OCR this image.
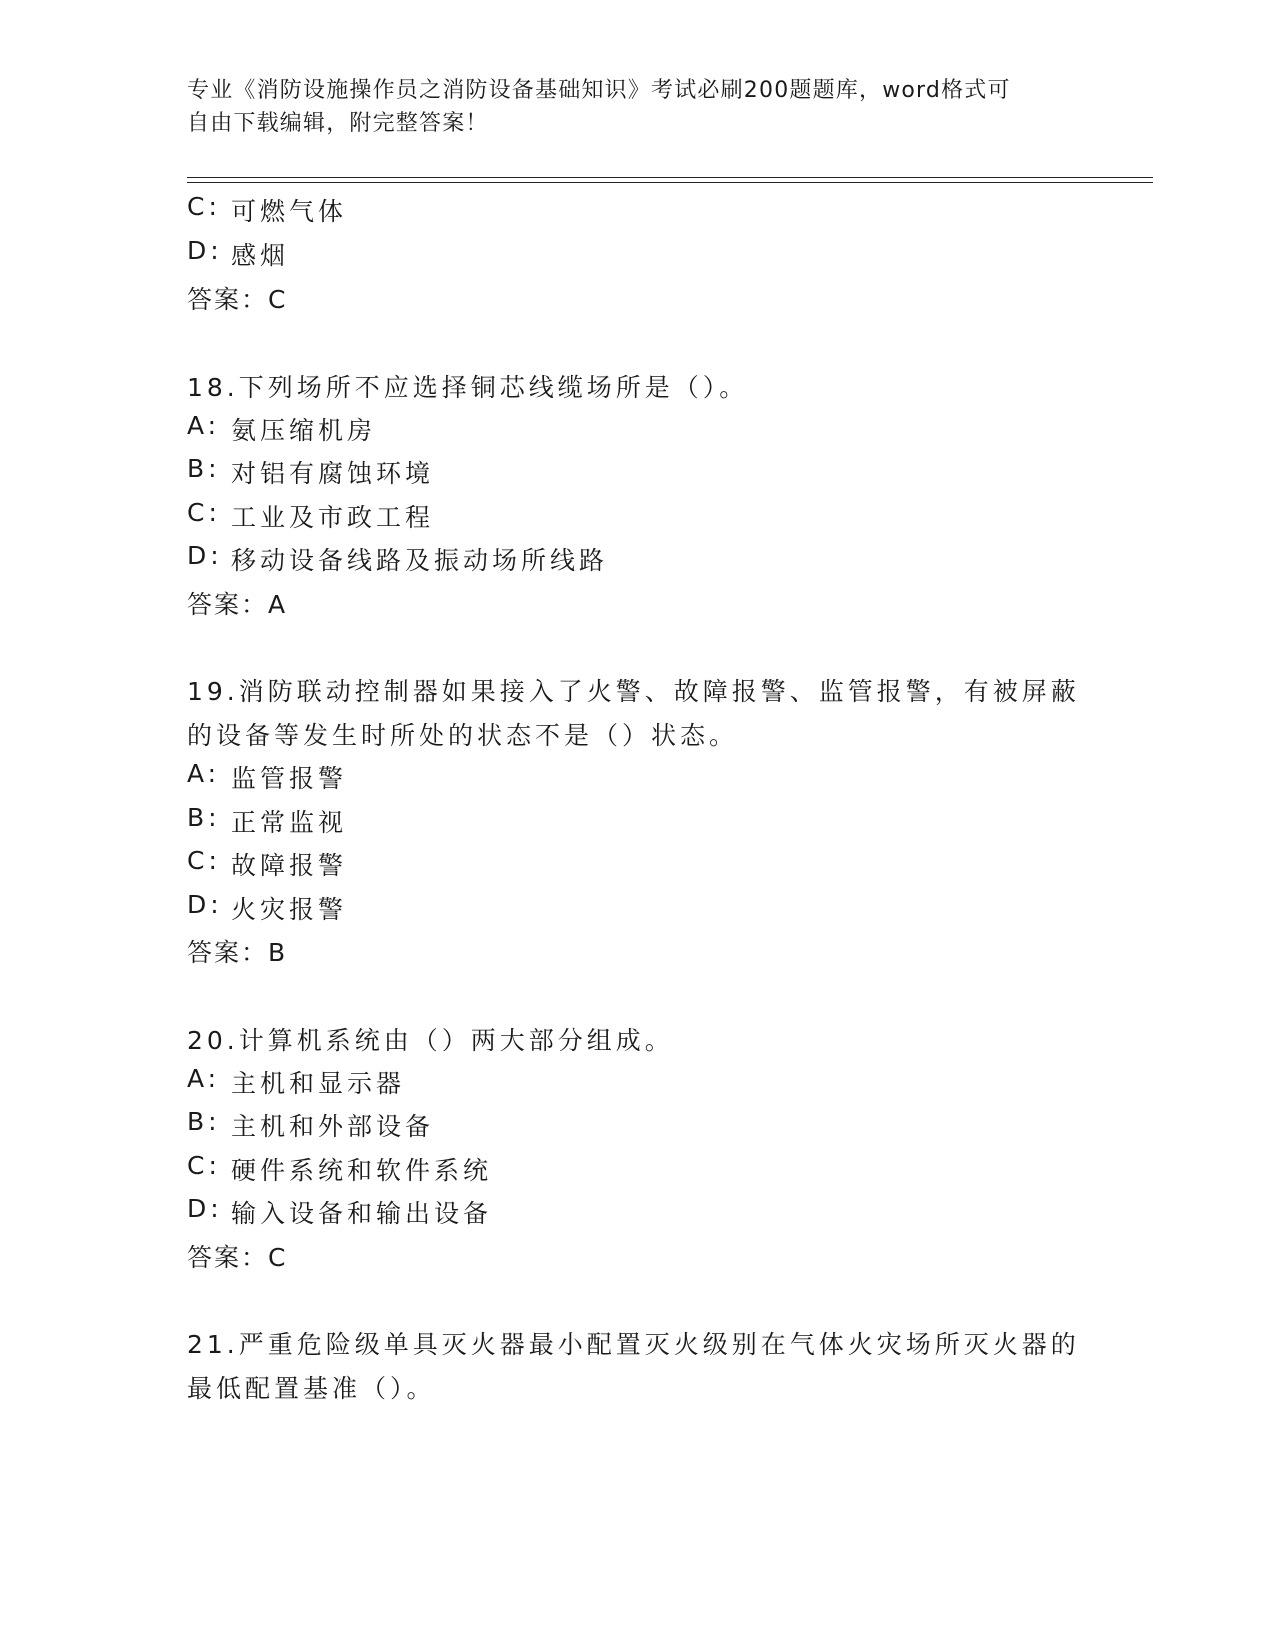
专业《消防设施操作员之消防设备基础知识》考试必刷200题题库，word格式可
自由下载编辑，附完整答案！
C: 可燃气体
D: 感烟
答案：C
18.下列场所不应选择铜芯线缆场所是（）。
A: 氨压缩机房
B: 对铝有腐蚀环境
C: 工业及市政工程
D: 移动设备线路及振动场所线路
答案：A
19.消防联动控制器如果接入了火警、故障报警、监管报警，有被屏蔽
的设备等发生时所处的状态不是（）状态。
A: 监管报警
B: 正常监视
C: 故障报警
D: 火灾报警
答案：B
20.计算机系统由（）两大部分组成。
A: 主机和显示器
B: 主机和外部设备
C: 硬件系统和软件系统
D: 输入设备和输出设备
答案：C
21.严重危险级单具灭火器最小配置灭火级别在气体火灾场所灭火器的
最低配置基准（）。
